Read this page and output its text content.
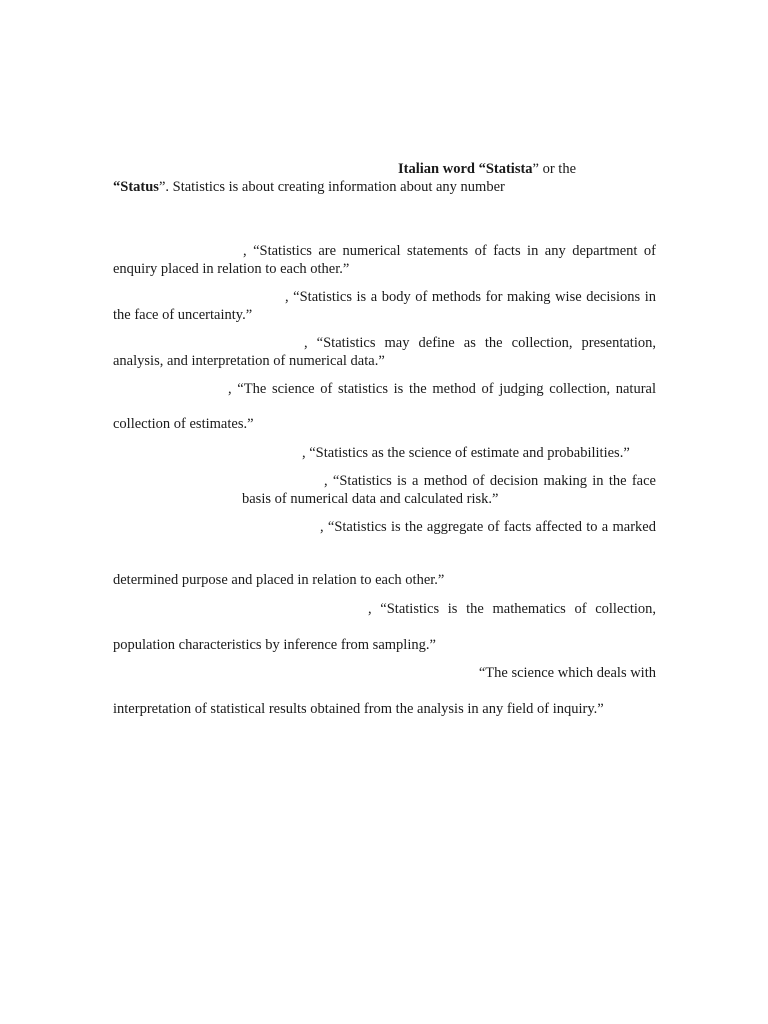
Italian word “Statista” or the
“Status”. Statistics is about creating information about any number
, “Statistics are numerical statements of facts in any department of
enquiry placed in relation to each other.”
, “Statistics is a body of methods for making wise decisions in
the face of uncertainty.”
, “Statistics may define as the collection, presentation,
analysis, and interpretation of numerical data.”
, “The science of statistics is the method of judging collection, natural
collection of estimates.”
, “Statistics as the science of estimate and probabilities.”
, “Statistics is a method of decision making in the face
basis of numerical data and calculated risk.”
, “Statistics is the aggregate of facts affected to a marked
determined purpose and placed in relation to each other.”
, “Statistics is the mathematics of collection,
population characteristics by inference from sampling.”
“The science which deals with
interpretation of statistical results obtained from the analysis in any field of inquiry.”
